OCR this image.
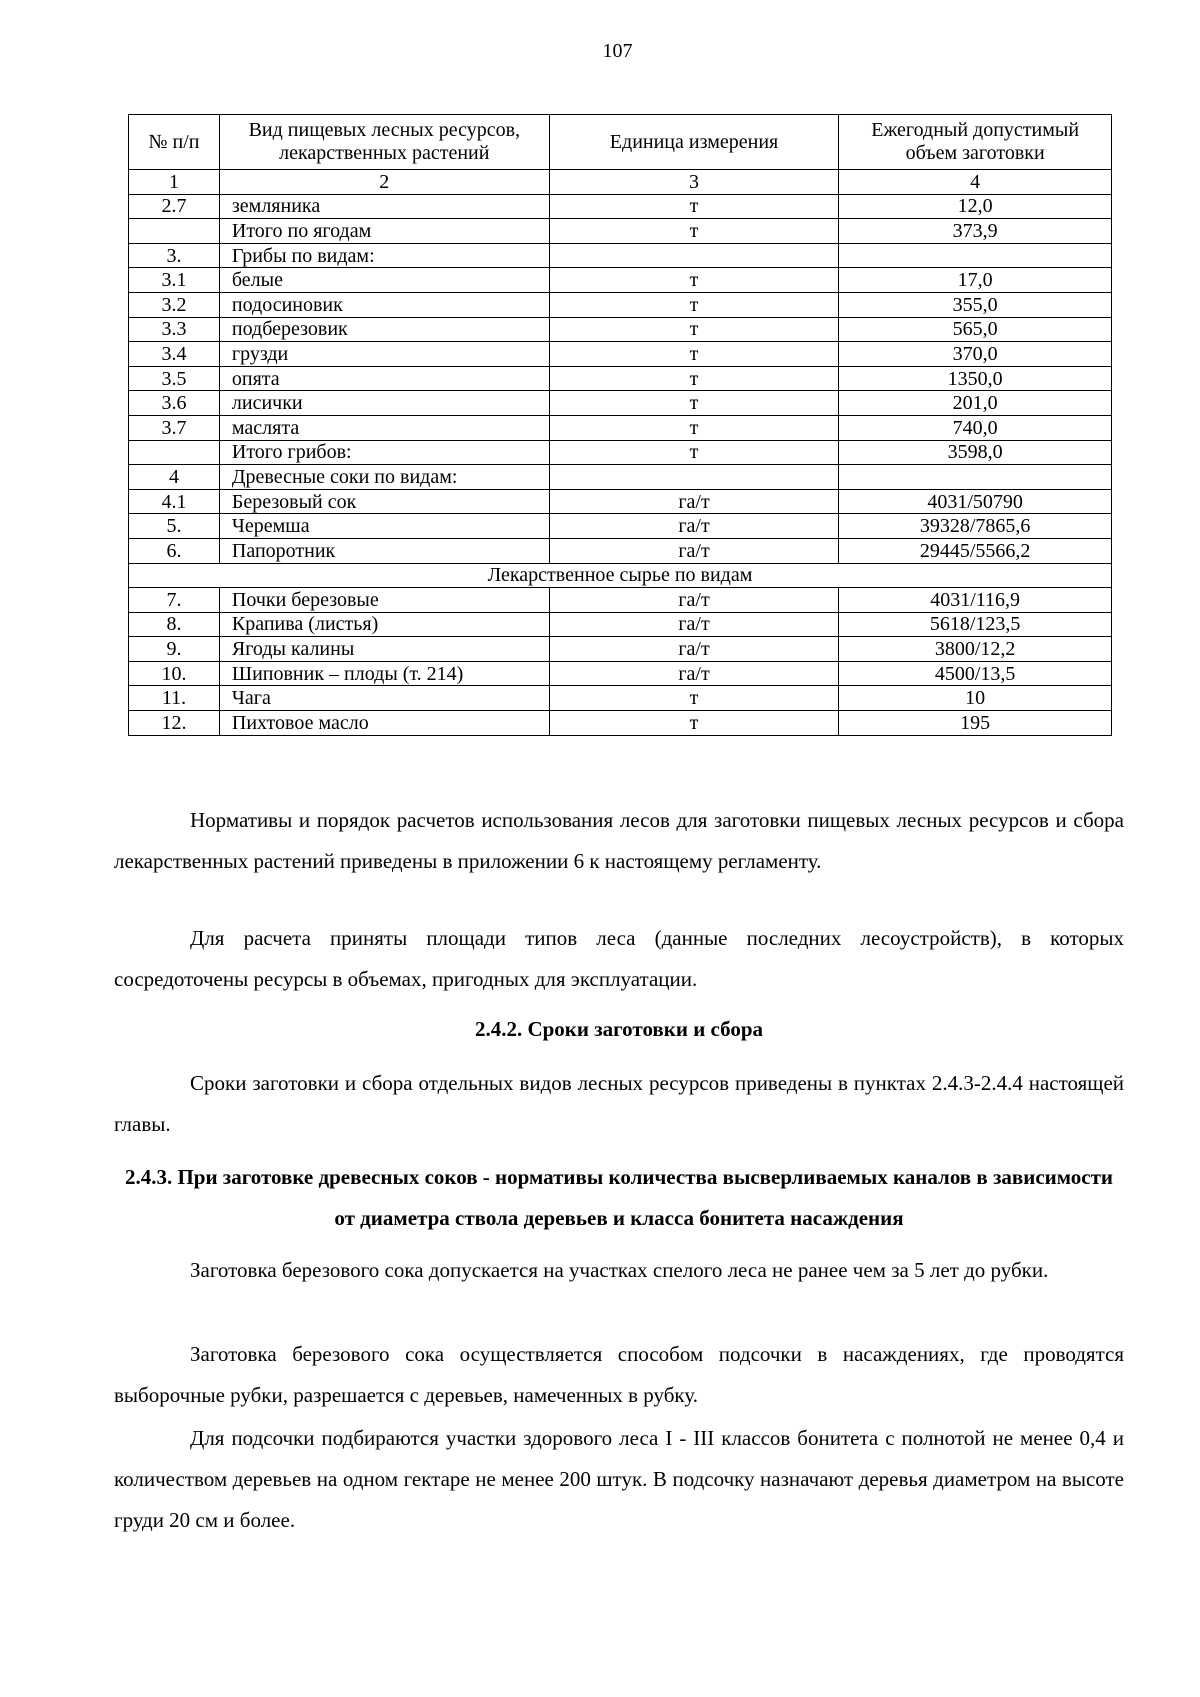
107
№ п/п	Вид пищевых лесных ресурсов, лекарственных растений	Единица измерения	Ежегодный допустимый объем заготовки
1	2	3	4
2.7	земляника	т	12,0
	Итого по ягодам	т	373,9
3.	Грибы по видам:		
3.1	белые	т	17,0
3.2	подосиновик	т	355,0
3.3	подберезовик	т	565,0
3.4	грузди	т	370,0
3.5	опята	т	1350,0
3.6	лисички	т	201,0
3.7	маслята	т	740,0
	Итого грибов:	т	3598,0
4	Древесные соки по видам:		
4.1	Березовый сок	га/т	4031/50790
5.	Черемша	га/т	39328/7865,6
6.	Папоротник	га/т	29445/5566,2
Лекарственное сырье по видам			
7.	Почки березовые	га/т	4031/116,9
8.	Крапива (листья)	га/т	5618/123,5
9.	Ягоды калины	га/т	3800/12,2
10.	Шиповник – плоды (т. 214)	га/т	4500/13,5
11.	Чага	т	10
12.	Пихтовое масло	т	195

Нормативы и порядок расчетов использования лесов для заготовки пищевых лесных ресурсов и сбора лекарственных растений приведены в приложении 6 к настоящему регламенту.

Для расчета приняты площади типов леса (данные последних лесоустройств), в которых сосредоточены ресурсы в объемах, пригодных для эксплуатации.

2.4.2. Сроки заготовки и сбора

Сроки заготовки и сбора отдельных видов лесных ресурсов приведены в пунктах 2.4.3-2.4.4 настоящей главы.

2.4.3. При заготовке древесных соков - нормативы количества высверливаемых каналов в зависимости от диаметра ствола деревьев и класса бонитета насаждения

Заготовка березового сока допускается на участках спелого леса не ранее чем за 5 лет до рубки.

Заготовка березового сока осуществляется способом подсочки в насаждениях, где проводятся выборочные рубки, разрешается с деревьев, намеченных в рубку.

Для подсочки подбираются участки здорового леса I - III классов бонитета с полнотой не менее 0,4 и количеством деревьев на одном гектаре не менее 200 штук. В подсочку назначают деревья диаметром на высоте груди 20 см и более.
